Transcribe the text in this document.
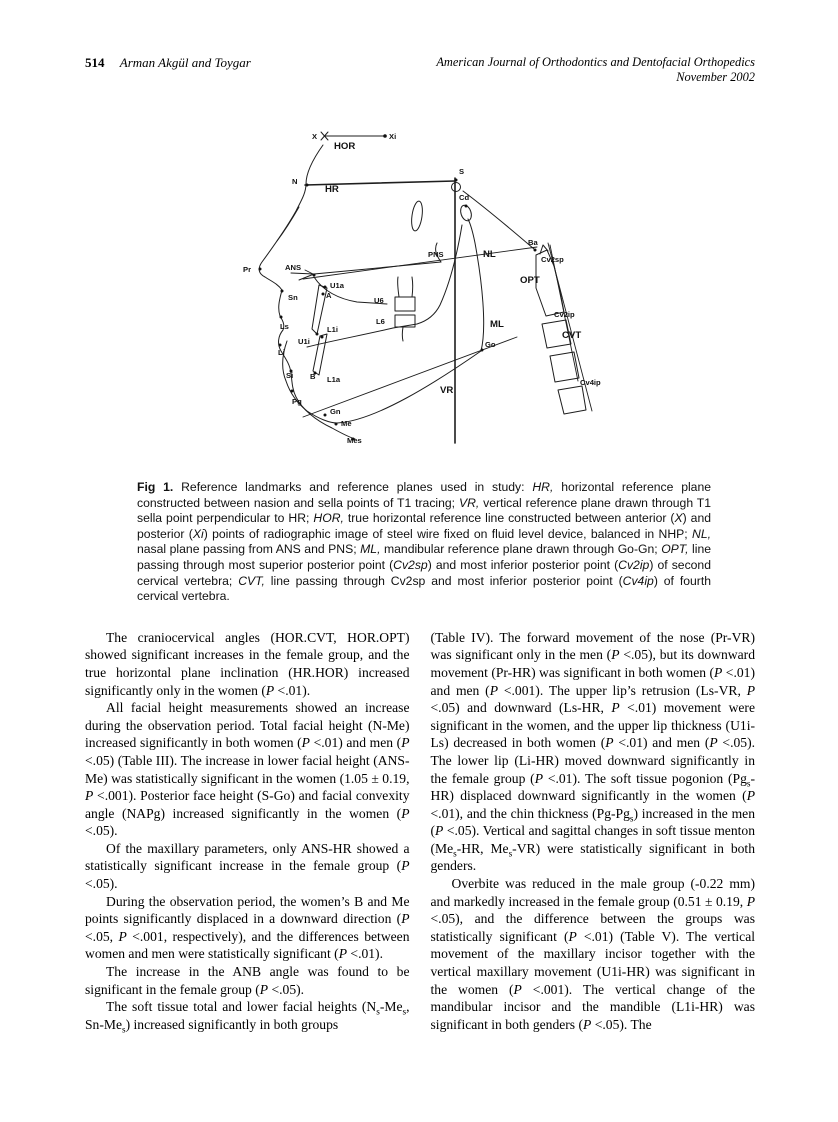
514 Arman Akgül and Toygar	American Journal of Orthodontics and Dentofacial Orthopedics
November 2002
X	Xi
HOR
N
HR
S
Cd
Pr	ANS
PNS	NL
Ba
Cv2sp
OPT
Sn	A
U1a
U6
L6
Cv2ip
Ls	L1i	ML
CVT
Li
U1i	Go
Si B L1a	Cv4ip
Pg
VR
Gn
Me
Mes
Fig 1. Reference landmarks and reference planes used in study: HR, horizontal reference plane constructed between nasion and sella points of T1 tracing; VR, vertical reference plane drawn through T1 sella point perpendicular to HR; HOR, true horizontal reference line constructed between anterior (X) and posterior (Xi) points of radiographic image of steel wire fixed on fluid level device, balanced in NHP; NL, nasal plane passing from ANS and PNS; ML, mandibular reference plane drawn through Go-Gn; OPT, line passing through most superior posterior point (Cv2sp) and most inferior posterior point (Cv2ip) of second cervical vertebra; CVT, line passing through Cv2sp and most inferior posterior point (Cv4ip) of fourth cervical vertebra.

The craniocervical angles (HOR.CVT, HOR.OPT) showed significant increases in the female group, and the true horizontal plane inclination (HR.HOR) increased significantly only in the women (P <.01).

All facial height measurements showed an increase during the observation period. Total facial height (N-Me) increased significantly in both women (P <.01) and men (P <.05) (Table III). The increase in lower facial height (ANS-Me) was statistically significant in the women (1.05 ± 0.19, P <.001). Posterior face height (S-Go) and facial convexity angle (NAPg) increased significantly in the women (P <.05).

Of the maxillary parameters, only ANS-HR showed a statistically significant increase in the female group (P <.05).

During the observation period, the women’s B and Me points significantly displaced in a downward direction (P <.05, P <.001, respectively), and the differences between women and men were statistically significant (P <.01).

The increase in the ANB angle was found to be significant in the female group (P <.05).

The soft tissue total and lower facial heights ($N_s-Me_s$, $Sn-Me_s$) increased significantly in both groups

(Table IV). The forward movement of the nose (Pr-VR) was significant only in the men (P <.05), but its downward movement (Pr-HR) was significant in both women (P <.01) and men (P <.001). The upper lip’s retrusion (Ls-VR, P <.05) and downward (Ls-HR, P <.01) movement were significant in the women, and the upper lip thickness (U1i-Ls) decreased in both women (P <.01) and men (P <.05). The lower lip (Li-HR) moved downward significantly in the female group (P <.01). The soft tissue pogonion $(Pg_s-HR)$ displaced downward significantly in the women (P <.01), and the chin thickness $(Pg-Pg_s)$ increased in the men (P <.05). Vertical and sagittal changes in soft tissue menton ($Me_s-HR$, $Me_s-VR$) were statistically significant in both genders.

Overbite was reduced in the male group (-0.22 mm) and markedly increased in the female group (0.51 ± 0.19, P <.05), and the difference between the groups was statistically significant (P <.01) (Table V). The vertical movement of the maxillary incisor together with the vertical maxillary movement (U1i-HR) was significant in the women (P <.001). The vertical change of the mandibular incisor and the mandible (L1i-HR) was significant in both genders (P <.05). The
